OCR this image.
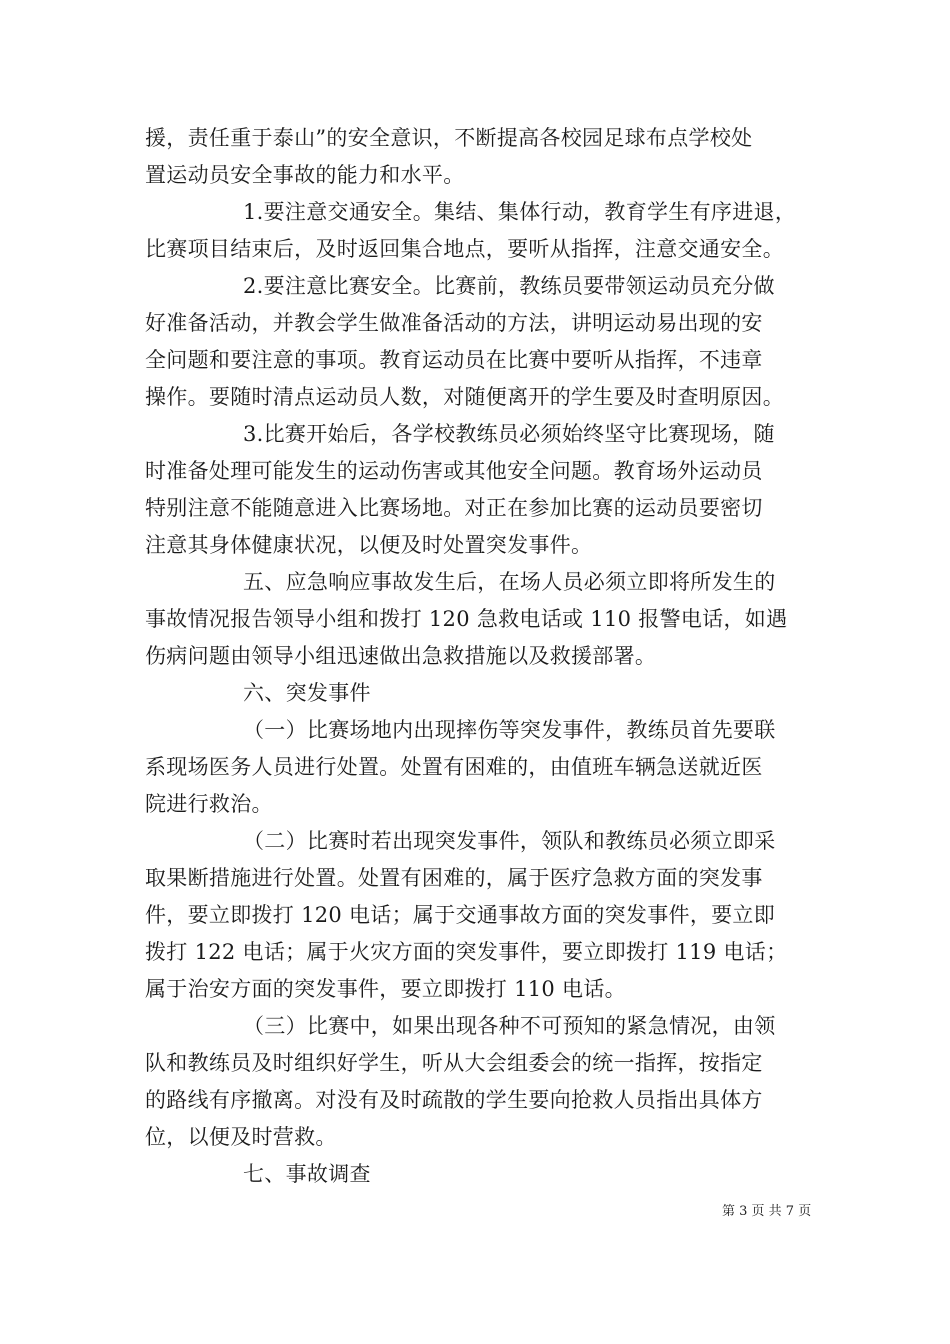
援，责任重于泰山”的安全意识，不断提高各校园足球布点学校处
置运动员安全事故的能力和水平。
1.要注意交通安全。集结、集体行动，教育学生有序进退，
比赛项目结束后，及时返回集合地点，要听从指挥，注意交通安全。
2.要注意比赛安全。比赛前，教练员要带领运动员充分做
好准备活动，并教会学生做准备活动的方法，讲明运动易出现的安
全问题和要注意的事项。教育运动员在比赛中要听从指挥，不违章
操作。要随时清点运动员人数，对随便离开的学生要及时查明原因。
3.比赛开始后，各学校教练员必须始终坚守比赛现场，随
时准备处理可能发生的运动伤害或其他安全问题。教育场外运动员
特别注意不能随意进入比赛场地。对正在参加比赛的运动员要密切
注意其身体健康状况，以便及时处置突发事件。
五、应急响应事故发生后，在场人员必须立即将所发生的
事故情况报告领导小组和拨打 120 急救电话或 110 报警电话，如遇
伤病问题由领导小组迅速做出急救措施以及救援部署。
六、突发事件
（一）比赛场地内出现摔伤等突发事件，教练员首先要联
系现场医务人员进行处置。处置有困难的，由值班车辆急送就近医
院进行救治。
（二）比赛时若出现突发事件，领队和教练员必须立即采
取果断措施进行处置。处置有困难的，属于医疗急救方面的突发事
件，要立即拨打 120 电话；属于交通事故方面的突发事件，要立即
拨打 122 电话；属于火灾方面的突发事件，要立即拨打 119 电话；
属于治安方面的突发事件，要立即拨打 110 电话。
（三）比赛中，如果出现各种不可预知的紧急情况，由领
队和教练员及时组织好学生，听从大会组委会的统一指挥，按指定
的路线有序撤离。对没有及时疏散的学生要向抢救人员指出具体方
位，以便及时营救。
七、事故调查
第 3 页 共 7 页
